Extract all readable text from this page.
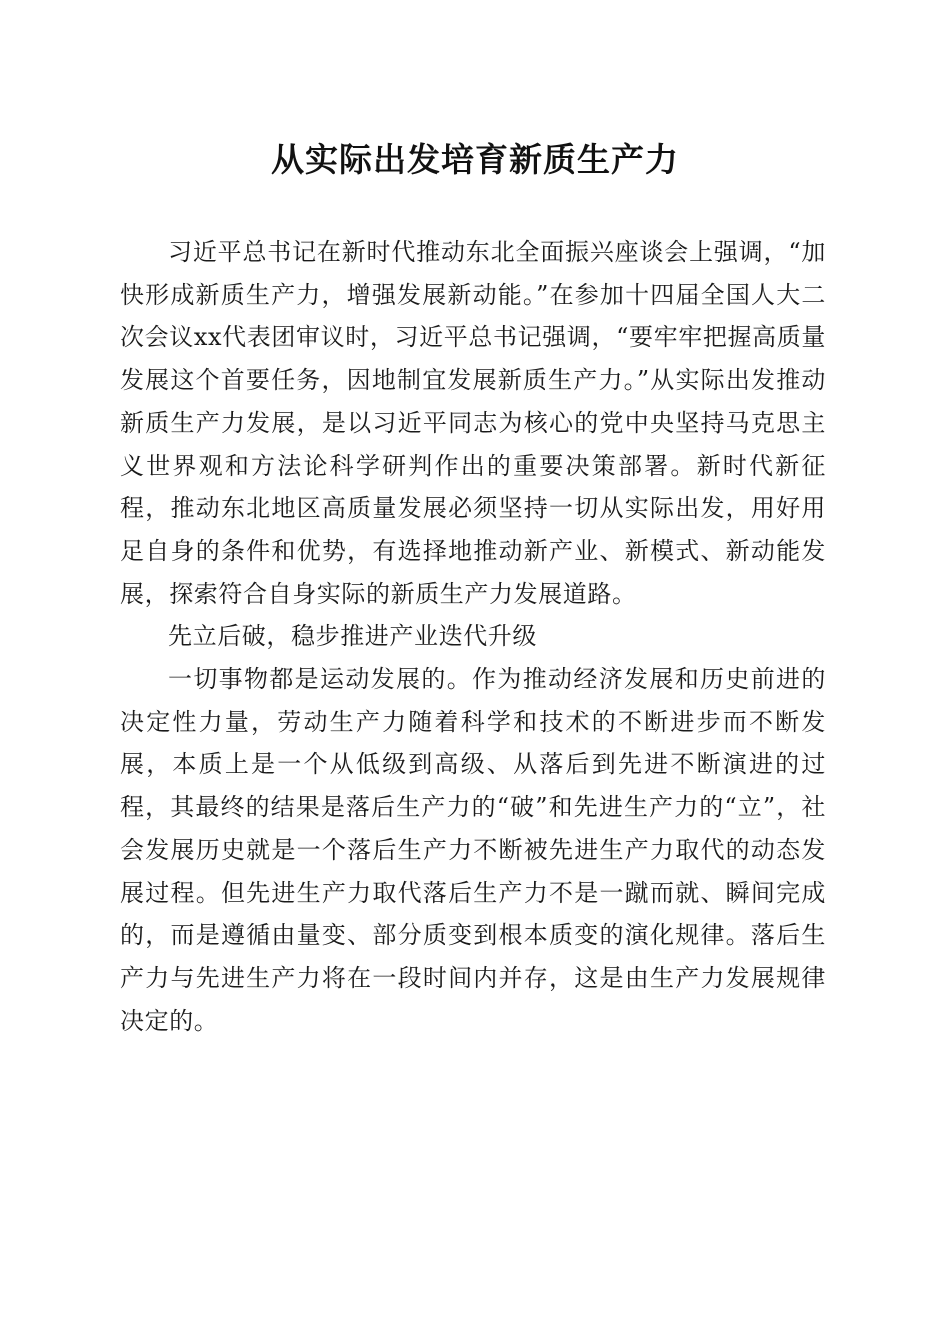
从实际出发培育新质生产力

习近平总书记在新时代推动东北全面振兴座谈会上强调，“加快形成新质生产力，增强发展新动能。”在参加十四届全国人大二次会议xx代表团审议时，习近平总书记强调，“要牢牢把握高质量发展这个首要任务，因地制宜发展新质生产力。”从实际出发推动新质生产力发展，是以习近平同志为核心的党中央坚持马克思主义世界观和方法论科学研判作出的重要决策部署。新时代新征程，推动东北地区高质量发展必须坚持一切从实际出发，用好用足自身的条件和优势，有选择地推动新产业、新模式、新动能发展，探索符合自身实际的新质生产力发展道路。

先立后破，稳步推进产业迭代升级

一切事物都是运动发展的。作为推动经济发展和历史前进的决定性力量，劳动生产力随着科学和技术的不断进步而不断发展，本质上是一个从低级到高级、从落后到先进不断演进的过程，其最终的结果是落后生产力的“破”和先进生产力的“立”，社会发展历史就是一个落后生产力不断被先进生产力取代的动态发展过程。但先进生产力取代落后生产力不是一蹴而就、瞬间完成的，而是遵循由量变、部分质变到根本质变的演化规律。落后生产力与先进生产力将在一段时间内并存，这是由生产力发展规律决定的。
